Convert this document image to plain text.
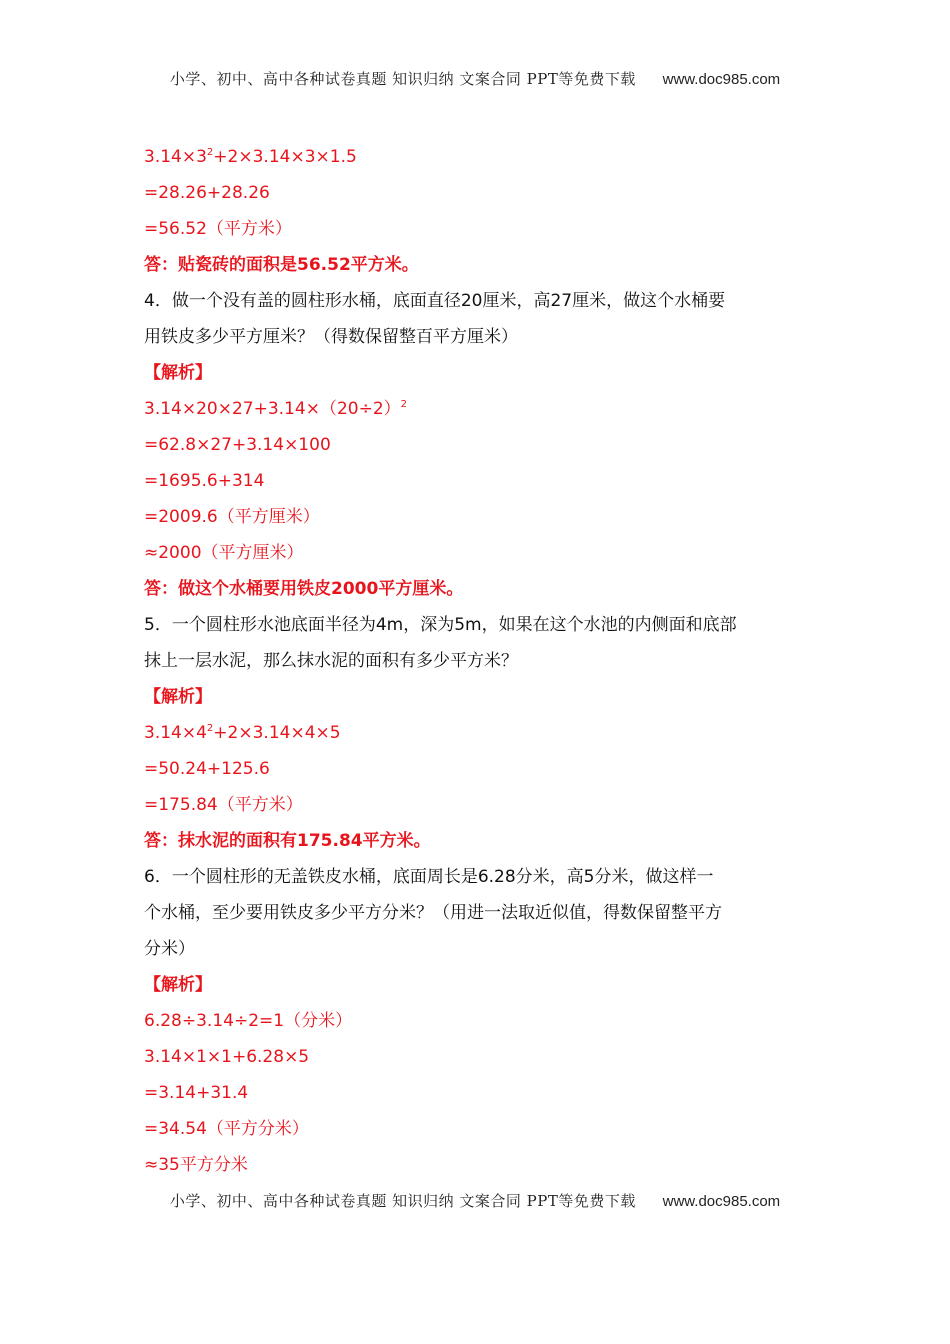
小学、初中、高中各种试卷真题 知识归纳 文案合同 PPT等免费下载 www.doc985.com
$3.14\times 3^2+2\times 3.14\times 3\times 1.5$
=28.26+28.26
=56.52（平方米）
答：贴瓷砖的面积是56.52平方米。
4．做一个没有盖的圆柱形水桶，底面直径20厘米，高27厘米，做这个水桶要
用铁皮多少平方厘米？（得数保留整百平方厘米）
【解析】
$3.14\times 20\times 27+3.14\times(20\div 2)^2$
=62.8×27+3.14×100
=1695.6+314
=2009.6（平方厘米）
≈2000（平方厘米）
答：做这个水桶要用铁皮2000平方厘米。
5．一个圆柱形水池底面半径为4m，深为5m，如果在这个水池的内侧面和底部
抹上一层水泥，那么抹水泥的面积有多少平方米？
【解析】
$3.14\times 4^2+2\times 3.14\times 4\times 5$
=50.24+125.6
=175.84（平方米）
答：抹水泥的面积有175.84平方米。
6．一个圆柱形的无盖铁皮水桶，底面周长是6.28分米，高5分米，做这样一
个水桶，至少要用铁皮多少平方分米？（用进一法取近似值，得数保留整平方
分米）
【解析】
6.28÷3.14÷2=1（分米）
3.14×1×1+6.28×5
=3.14+31.4
=34.54（平方分米）
≈35平方分米
小学、初中、高中各种试卷真题 知识归纳 文案合同 PPT等免费下载 www.doc985.com
